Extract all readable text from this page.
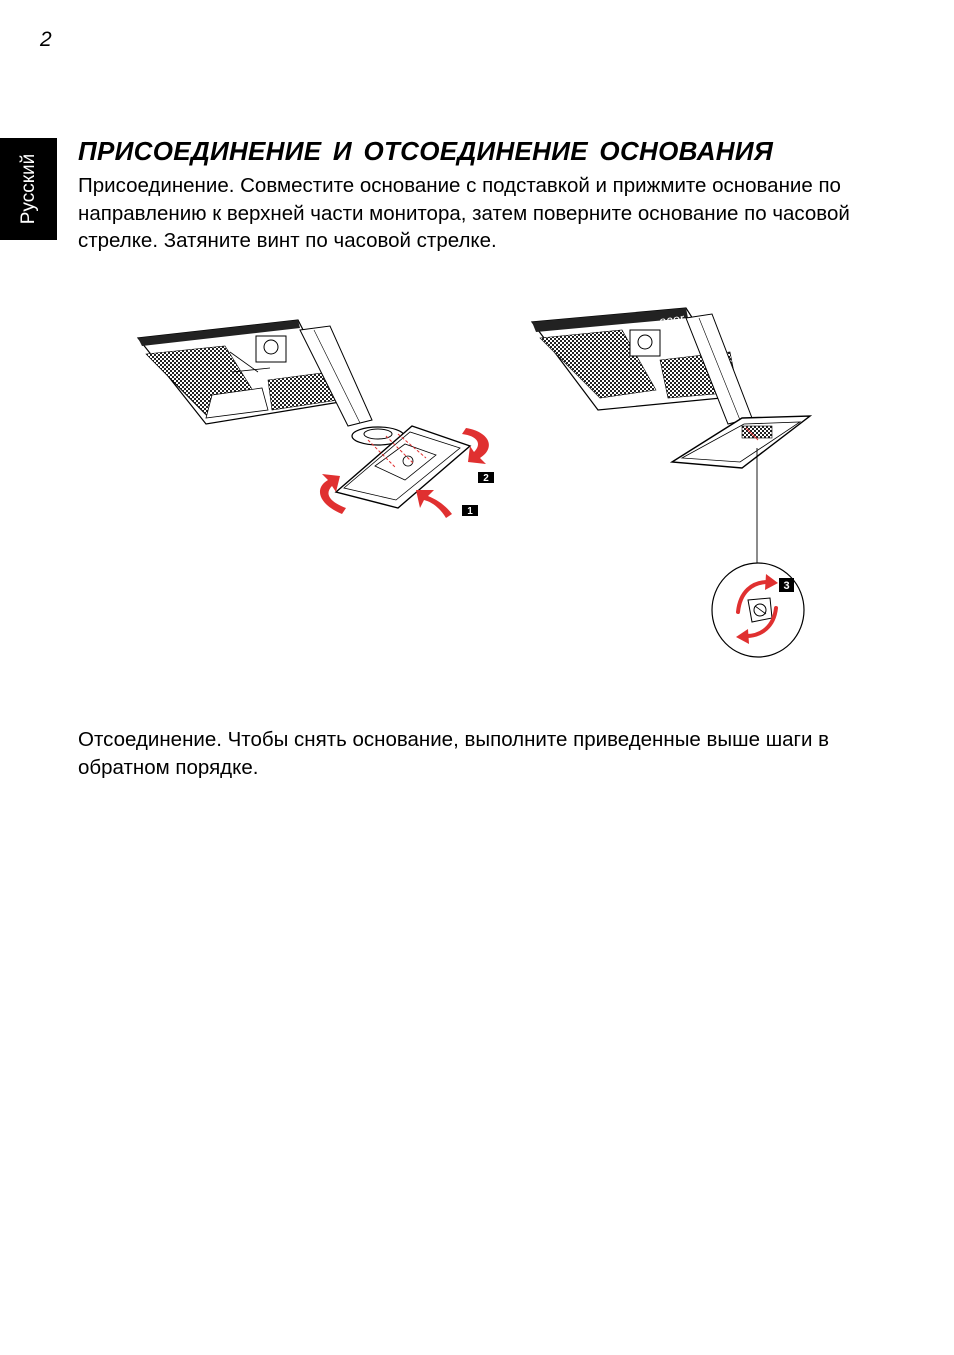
2
Русский
ПРИСОЕДИНЕНИЕ И ОТСОЕДИНЕНИЕ ОСНОВАНИЯ

Присоединение. Совместите основание с подставкой и прижмите основание по направлению к верхней части монитора, затем поверните основание по часовой стрелке. Затяните винт по часовой стрелке.

1
2
acer
3

Отсоединение. Чтобы снять основание, выполните приведенные выше шаги в обратном порядке.
